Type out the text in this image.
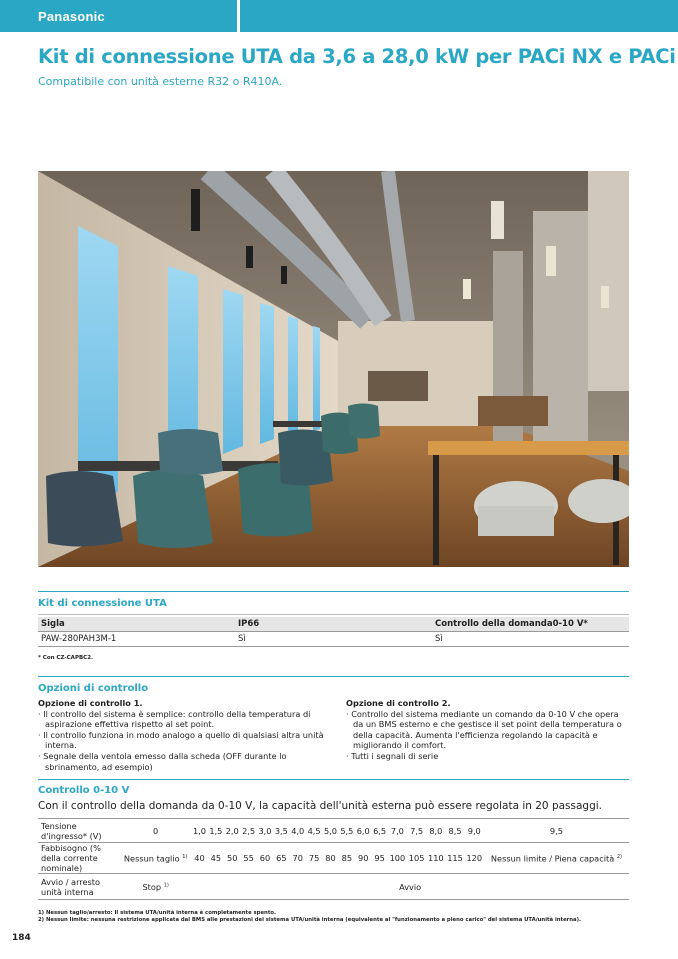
Panasonic
Kit di connessione UTA da 3,6 a 28,0 kW per PACi NX e PACi
Compatibile con unità esterne R32 o R410A.
Kit di connessione UTA
Sigla	IP66	Controllo della domanda0-10 V*
PAW-280PAH3M-1	Sì	Sì
* Con CZ-CAPBC2.
Opzioni di controllo
Opzione di controllo 1.
· Il controllo del sistema è semplice: controllo della temperatura di aspirazione effettiva rispetto al set point.
· Il controllo funziona in modo analogo a quello di qualsiasi altra unità interna.
· Segnale della ventola emesso dalla scheda (OFF durante lo sbrinamento, ad esempio)
Opzione di controllo 2.
· Controllo del sistema mediante un comando da 0-10 V che opera da un BMS esterno e che gestisce il set point della temperatura o della capacità. Aumenta l'efficienza regolando la capacità e migliorando il comfort.
· Tutti i segnali di serie
Controllo 0-10 V
Con il controllo della domanda da 0-10 V, la capacità dell'unità esterna può essere regolata in 20 passaggi.
Tensione d'ingresso* (V)	0	1,0	1,5	2,0	2,5	3,0	3,5	4,0	4,5	5,0	5,5	6,0	6,5	7,0	7,5	8,0	8,5	9,0	9,5
Fabbisogno (% della corrente nominale)	Nessun taglio $^{1)}$	40	45	50	55	60	65	70	75	80	85	90	95	100	105	110	115	120	Nessun limite / Piena capacità $^{2)}$
Avvio / arresto unità interna	Stop $^{1)}$	Avvio																	
1) Nessun taglio/arresto: Il sistema UTA/unità interna è completamente spento.
2) Nessun limite: nessuna restrizione applicata dal BMS alle prestazioni del sistema UTA/unità interna (equivalente al "funzionamento a pieno carico" del sistema UTA/unità interna).
184
